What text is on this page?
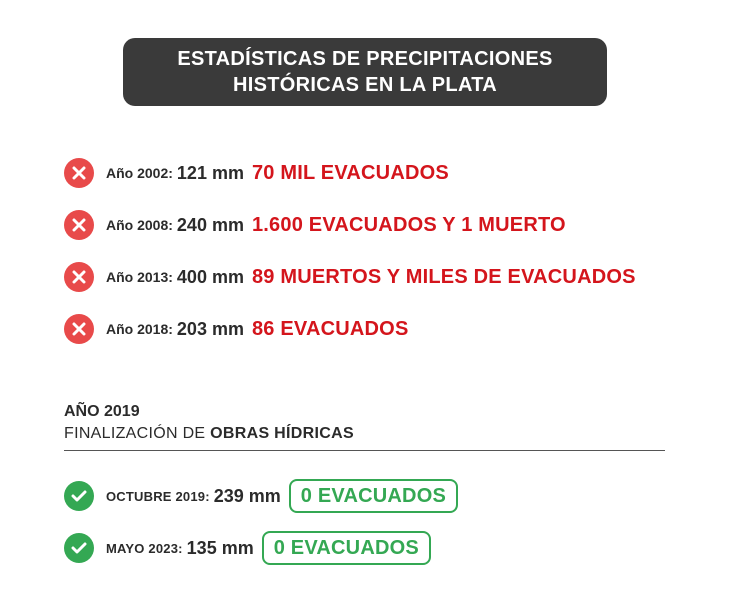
ESTADÍSTICAS DE PRECIPITACIONES
HISTÓRICAS EN LA PLATA
Año 2002: 121 mm 70 MIL EVACUADOS
Año 2008: 240 mm 1.600 EVACUADOS Y 1 MUERTO
Año 2013: 400 mm 89 MUERTOS Y MILES DE EVACUADOS
Año 2018: 203 mm 86 EVACUADOS
AÑO 2019
FINALIZACIÓN DE OBRAS HÍDRICAS
OCTUBRE 2019: 239 mm	0 EVACUADOS
MAYO 2023: 135 mm	0 EVACUADOS
